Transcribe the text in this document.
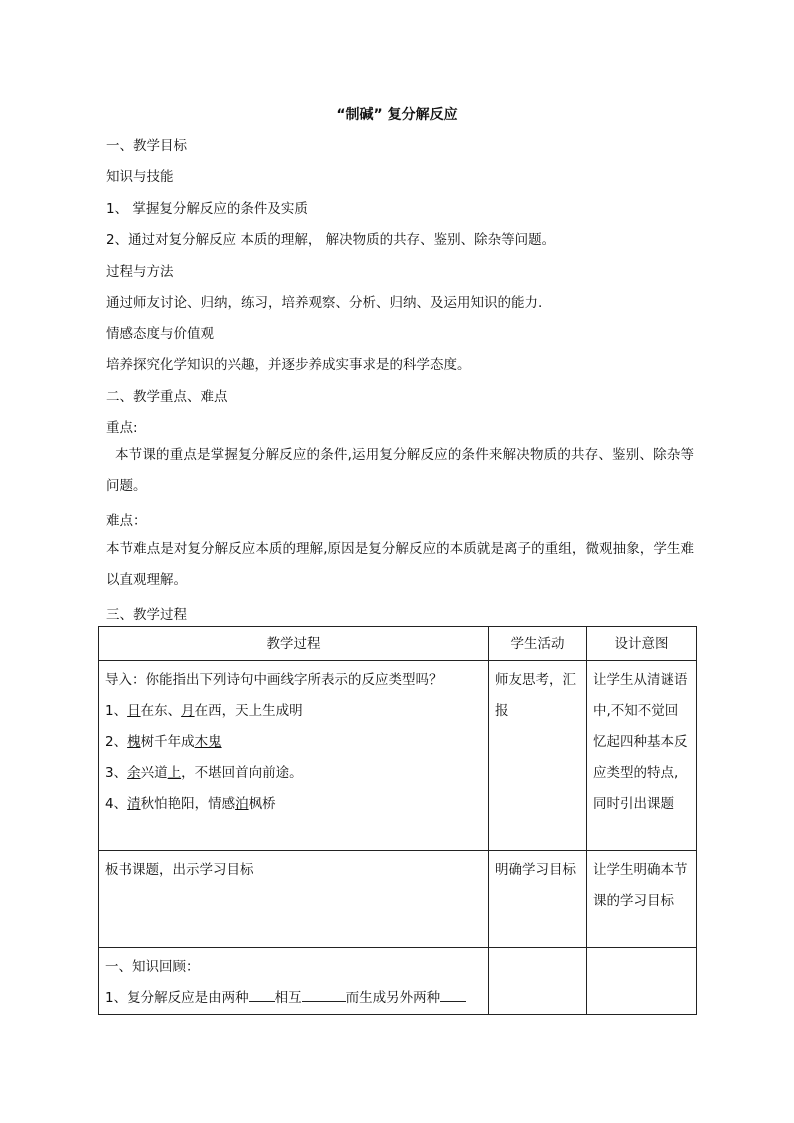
“制碱” 复分解反应
一、教学目标
知识与技能
1、 掌握复分解反应的条件及实质
2、通过对复分解反应 本质的理解， 解决物质的共存、鉴别、除杂等问题。
过程与方法
通过师友讨论、归纳，练习，培养观察、分析、归纳、及运用知识的能力.
情感态度与价值观
培养探究化学知识的兴趣，并逐步养成实事求是的科学态度。
二、教学重点、难点
重点:
本节课的重点是掌握复分解反应的条件,运用复分解反应的条件来解决物质的共存、鉴别、除杂等问题。
难点：
本节难点是对复分解反应本质的理解,原因是复分解反应的本质就是离子的重组，微观抽象，学生难以直观理解。
三、教学过程
教学过程	学生活动	设计意图

导入：你能指出下列诗句中画线字所表示的反应类型吗？
1、日在东、月在西，天上生成明
2、槐树千年成木鬼
3、余兴道上，不堪回首向前途。
4、清秋怕艳阳，情感泊枫桥	师友思考，汇报	让学生从清谜语中,不知不觉回忆起四种基本反应类型的特点,同时引出课题
板书课题，出示学习目标	明确学习目标	让学生明确本节课的学习目标

一、知识回顾：
1、复分解反应是由两种 相互 而生成另外两种		
